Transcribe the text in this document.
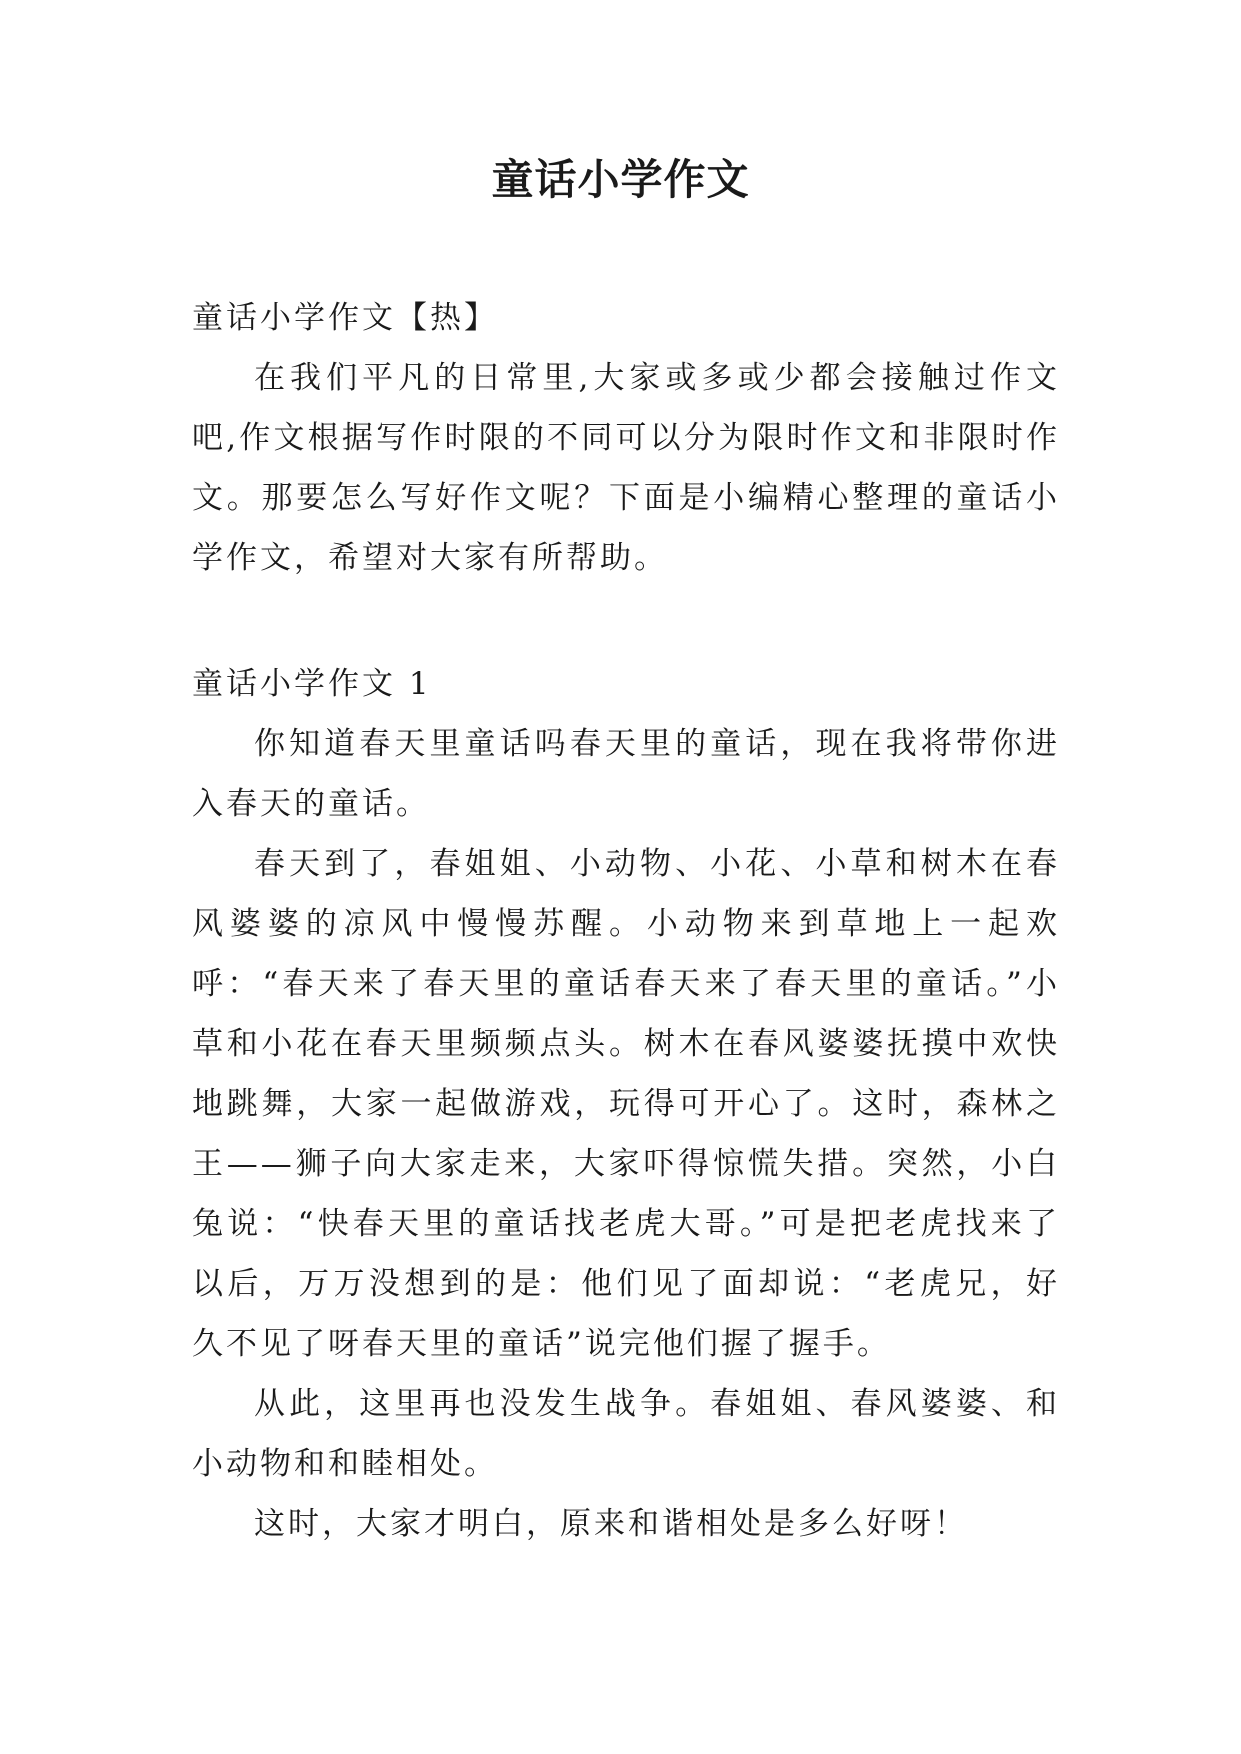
童话小学作文

童话小学作文【热】

在我们平凡的日常里,大家或多或少都会接触过作文吧,作文根据写作时限的不同可以分为限时作文和非限时作文。那要怎么写好作文呢？下面是小编精心整理的童话小学作文，希望对大家有所帮助。

童话小学作文 1

你知道春天里童话吗春天里的童话，现在我将带你进入春天的童话。

春天到了，春姐姐、小动物、小花、小草和树木在春风婆婆的凉风中慢慢苏醒。小动物来到草地上一起欢呼：“春天来了春天里的童话春天来了春天里的童话。”小草和小花在春天里频频点头。树木在春风婆婆抚摸中欢快地跳舞，大家一起做游戏，玩得可开心了。这时，森林之王——狮子向大家走来，大家吓得惊慌失措。突然，小白兔说：“快春天里的童话找老虎大哥。”可是把老虎找来了以后，万万没想到的是：他们见了面却说：“老虎兄，好久不见了呀春天里的童话”说完他们握了握手。

从此，这里再也没发生战争。春姐姐、春风婆婆、和小动物和和睦相处。

这时，大家才明白，原来和谐相处是多么好呀！
